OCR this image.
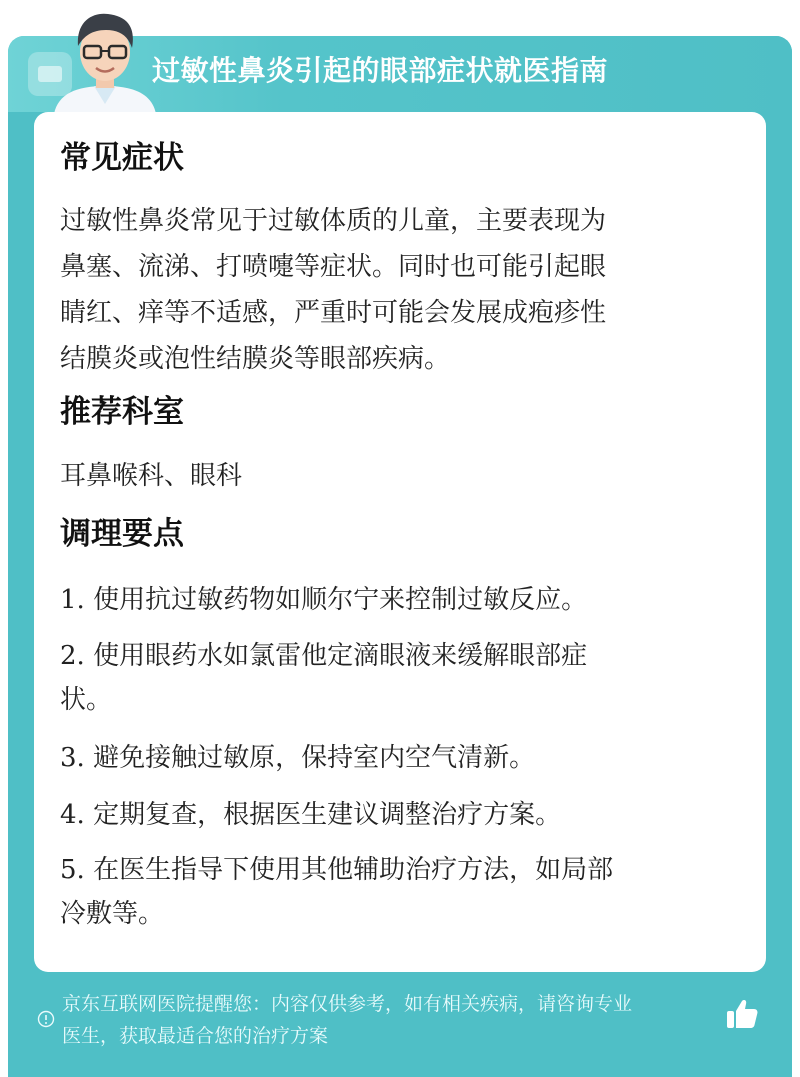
过敏性鼻炎引起的眼部症状就医指南
常见症状
过敏性鼻炎常见于过敏体质的儿童，主要表现为
鼻塞、流涕、打喷嚏等症状。同时也可能引起眼
睛红、痒等不适感，严重时可能会发展成疱疹性
结膜炎或泡性结膜炎等眼部疾病。
推荐科室
耳鼻喉科、眼科
调理要点
1. 使用抗过敏药物如顺尔宁来控制过敏反应。
2. 使用眼药水如氯雷他定滴眼液来缓解眼部症
状。
3. 避免接触过敏原，保持室内空气清新。
4. 定期复查，根据医生建议调整治疗方案。
5. 在医生指导下使用其他辅助治疗方法，如局部
冷敷等。
京东互联网医院提醒您：内容仅供参考，如有相关疾病，请咨询专业
医生，获取最适合您的治疗方案
